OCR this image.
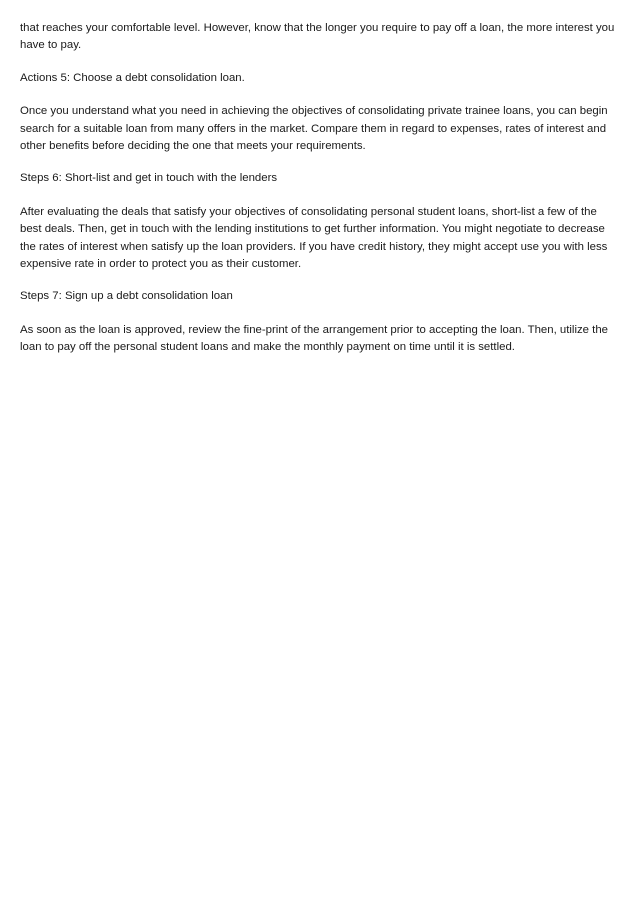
that reaches your comfortable level. However, know that the longer you require to pay off a loan, the more interest you have to pay.

Actions 5: Choose a debt consolidation loan.

Once you understand what you need in achieving the objectives of consolidating private trainee loans, you can begin search for a suitable loan from many offers in the market. Compare them in regard to expenses, rates of interest and other benefits before deciding the one that meets your requirements.

Steps 6: Short-list and get in touch with the lenders

After evaluating the deals that satisfy your objectives of consolidating personal student loans, short-list a few of the best deals. Then, get in touch with the lending institutions to get further information. You might negotiate to decrease the rates of interest when satisfy up the loan providers. If you have credit history, they might accept use you with less expensive rate in order to protect you as their customer.

Steps 7: Sign up a debt consolidation loan

As soon as the loan is approved, review the fine-print of the arrangement prior to accepting the loan. Then, utilize the loan to pay off the personal student loans and make the monthly payment on time until it is settled.
